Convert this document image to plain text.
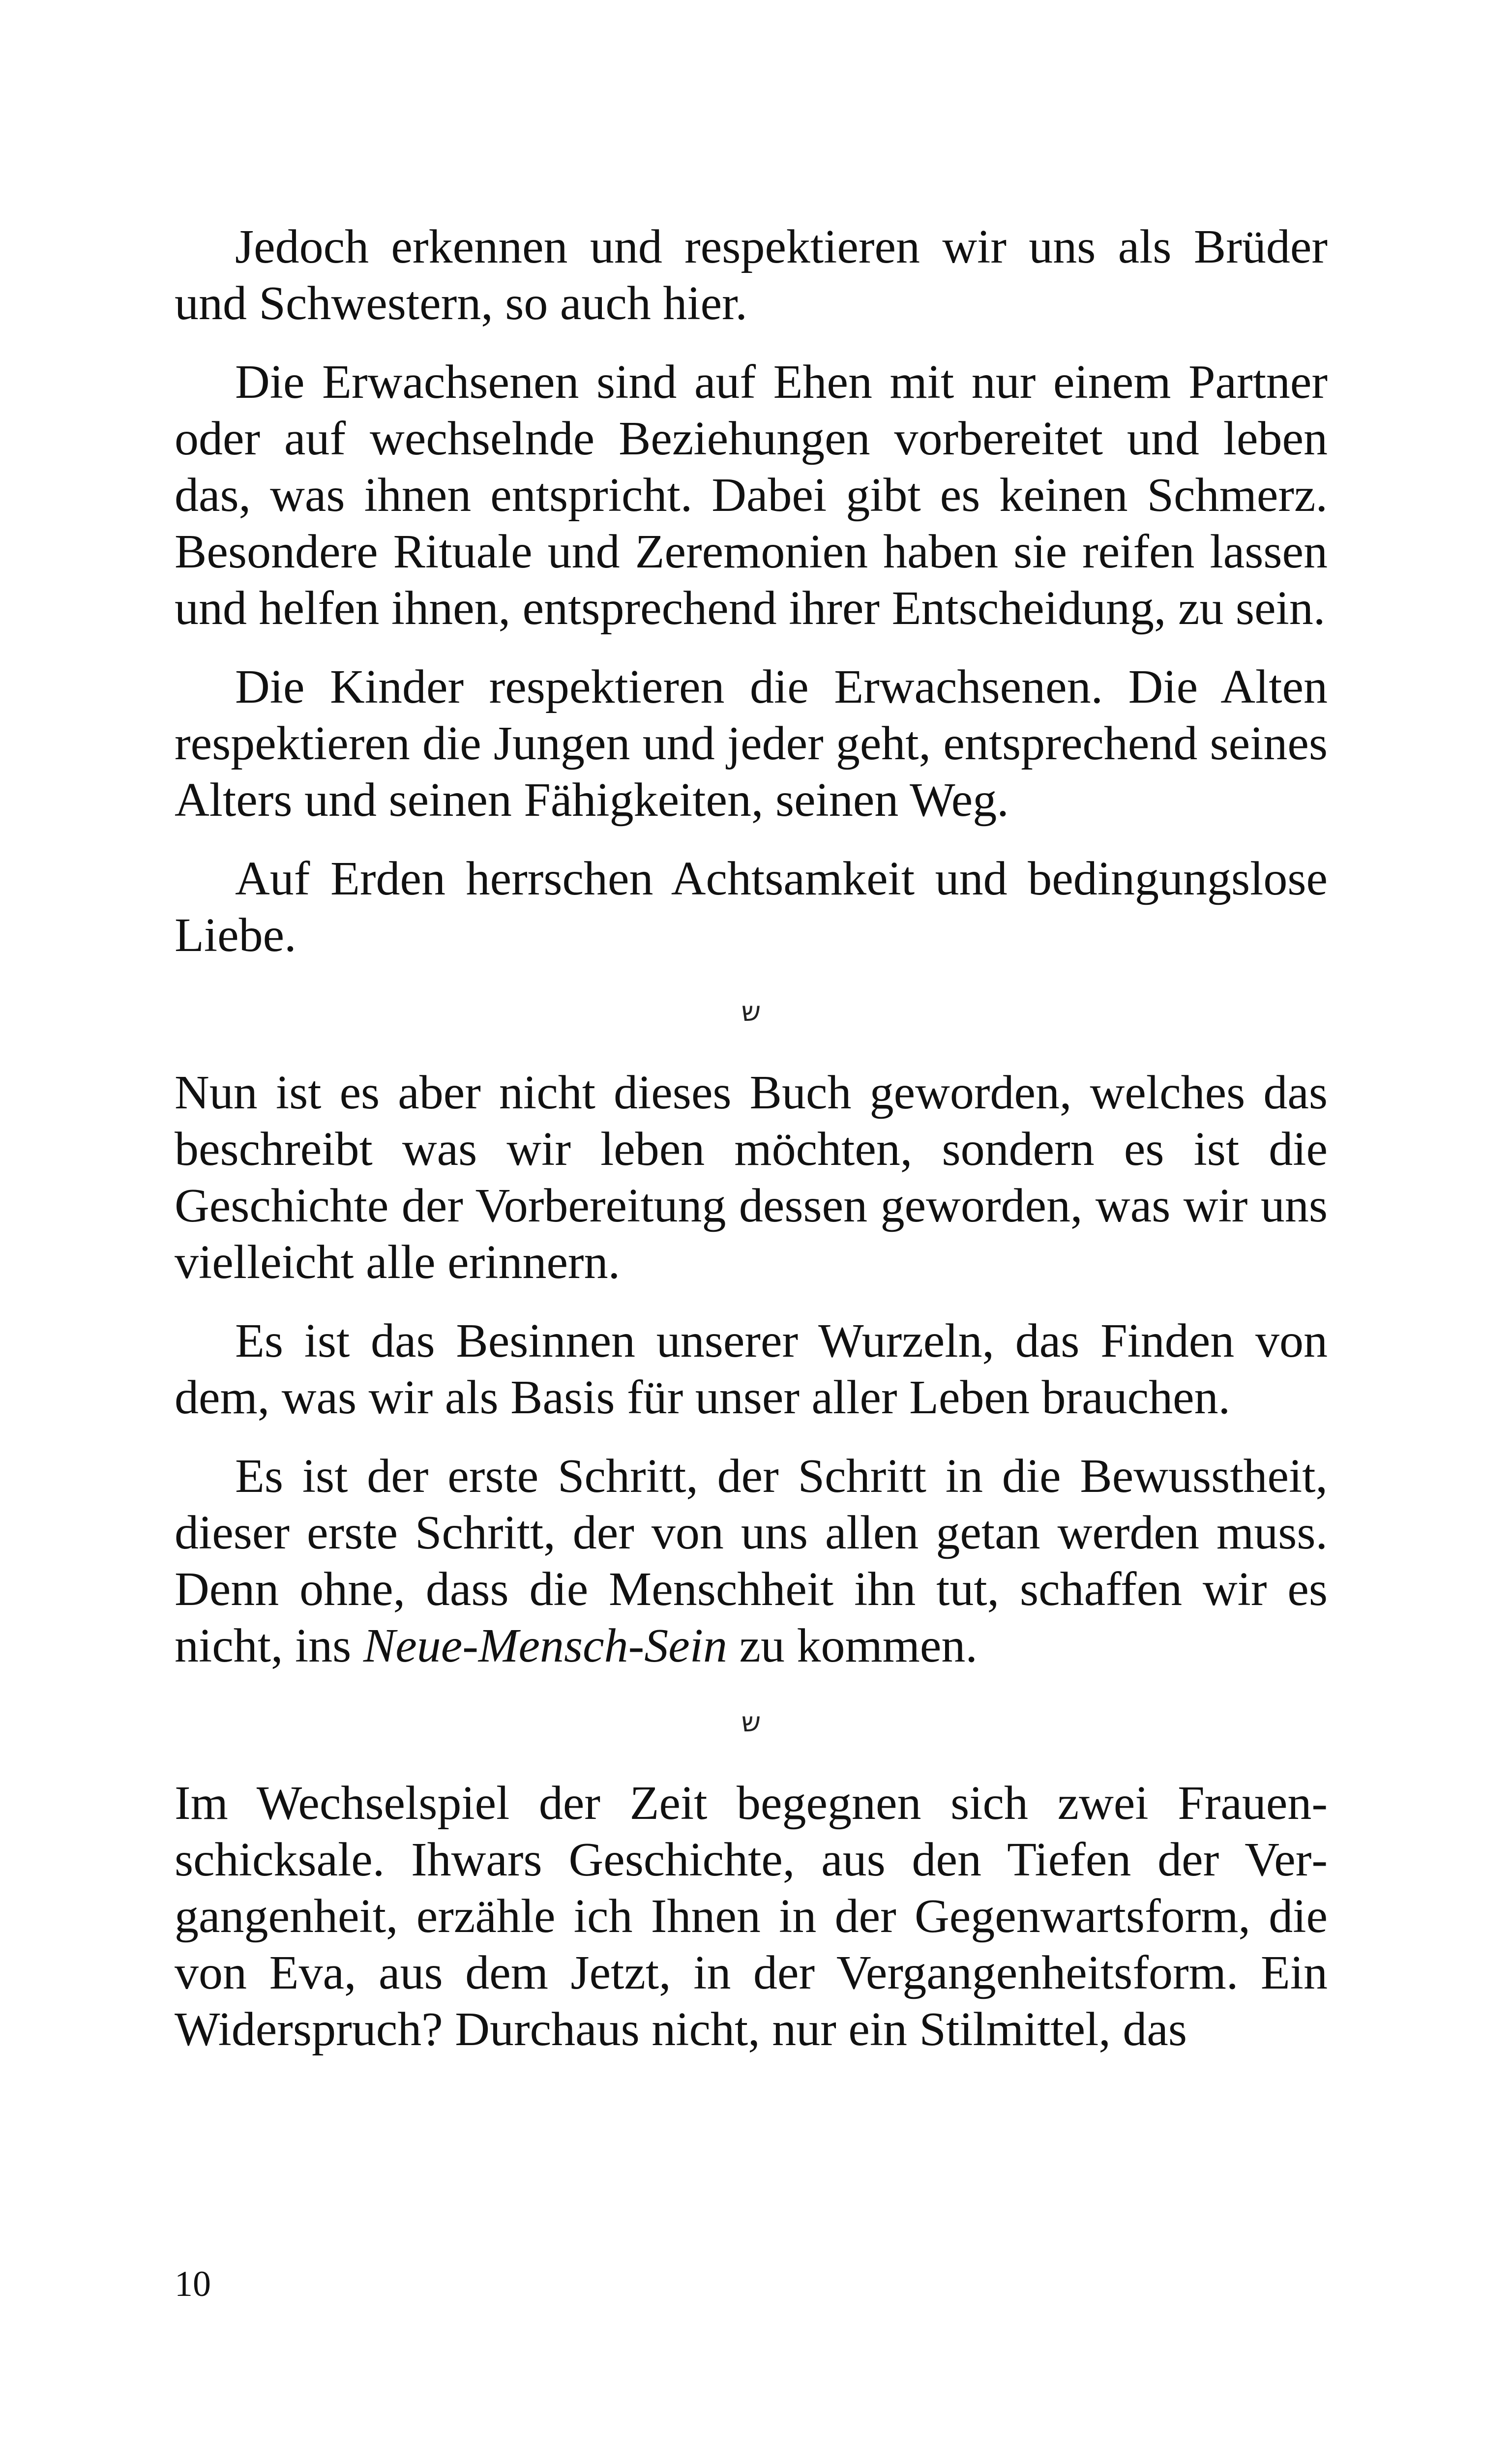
Jedoch erkennen und respektieren wir uns als Brüder und Schwestern, so auch hier.

Die Erwachsenen sind auf Ehen mit nur einem Partner oder auf wechselnde Beziehungen vorbereitet und leben das, was ihnen entspricht. Dabei gibt es keinen Schmerz. Besondere Rituale und Zeremonien haben sie reifen lassen und helfen ihnen, entsprechend ihrer Entscheidung, zu sein.

Die Kinder respektieren die Erwachsenen. Die Alten respektieren die Jungen und jeder geht, entsprechend seines Alters und seinen Fähigkeiten, seinen Weg.

Auf Erden herrschen Achtsamkeit und bedingungslose Liebe.

ש

Nun ist es aber nicht dieses Buch geworden, welches das beschreibt was wir leben möchten, sondern es ist die Geschichte der Vorbereitung dessen geworden, was wir uns vielleicht alle erinnern.

Es ist das Besinnen unserer Wurzeln, das Finden von dem, was wir als Basis für unser aller Leben brauchen.

Es ist der erste Schritt, der Schritt in die Bewusstheit, dieser erste Schritt, der von uns allen getan werden muss. Denn ohne, dass die Menschheit ihn tut, schaffen wir es nicht, ins Neue-Mensch-Sein zu kommen.

ש

Im Wechselspiel der Zeit begegnen sich zwei Frauenschicksale. Ihwars Geschichte, aus den Tiefen der Vergangenheit, erzähle ich Ihnen in der Gegenwartsform, die von Eva, aus dem Jetzt, in der Vergangenheitsform. Ein Widerspruch? Durchaus nicht, nur ein Stilmittel, das

10
